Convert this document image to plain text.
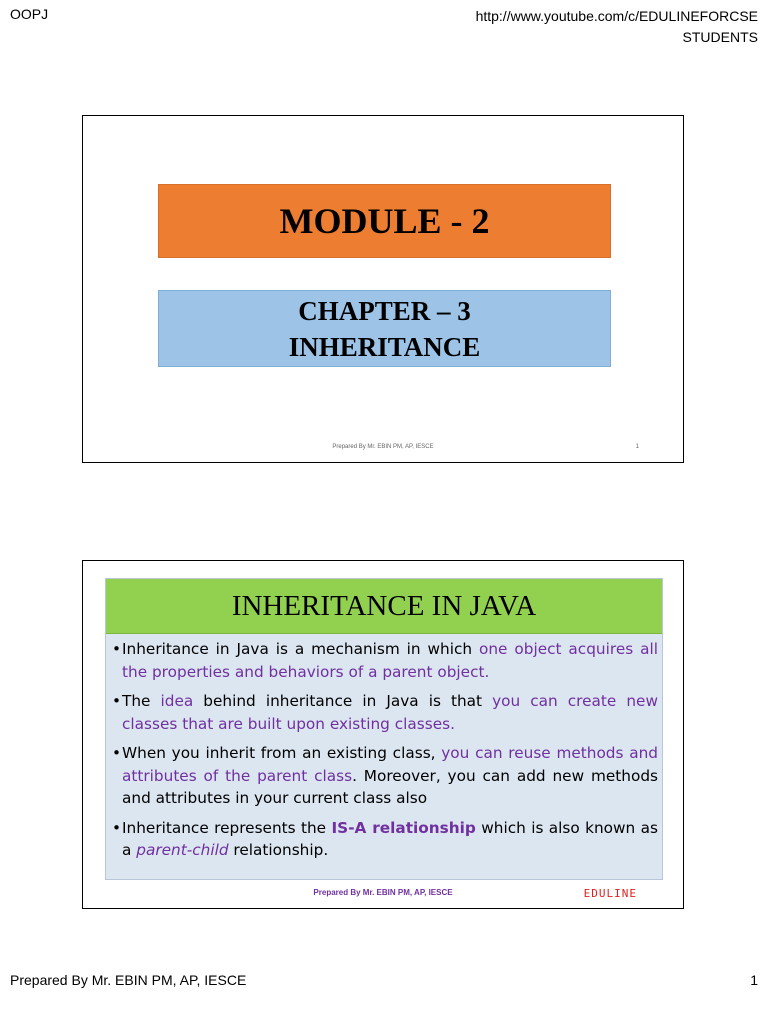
OOPJ	http://www.youtube.com/c/EDULINEFORCSE
STUDENTS
MODULE - 2
CHAPTER – 3
INHERITANCE
Prepared By Mr. EBIN PM, AP, IESCE	1
INHERITANCE IN JAVA
• Inheritance in Java is a mechanism in which one object acquires all the properties and behaviors of a parent object.
• The idea behind inheritance in Java is that you can create new classes that are built upon existing classes.
• When you inherit from an existing class, you can reuse methods and attributes of the parent class. Moreover, you can add new methods and attributes in your current class also
• Inheritance represents the IS-A relationship which is also known as a parent-child relationship.
Prepared By Mr. EBIN PM, AP, IESCE	EDULINE
Prepared By Mr. EBIN PM, AP, IESCE	1
